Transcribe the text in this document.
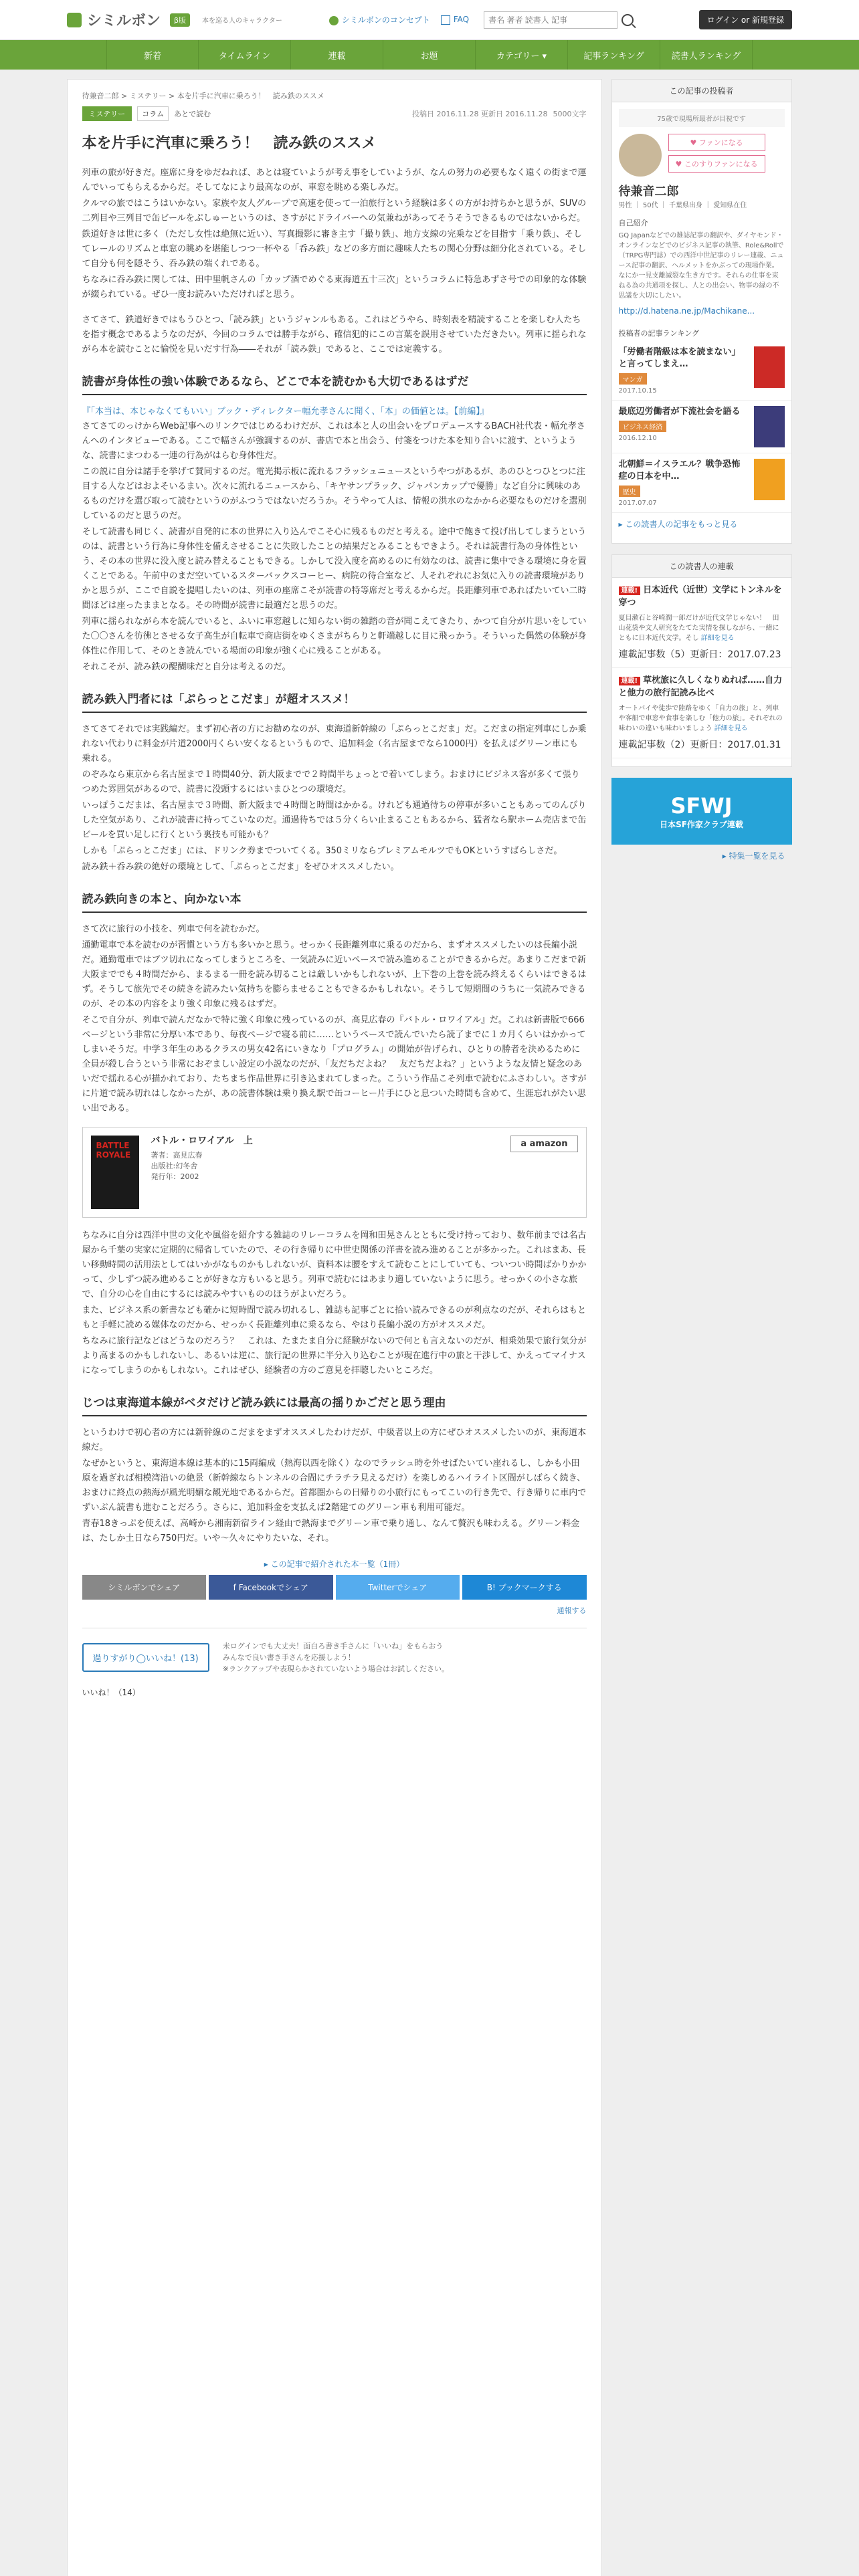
シミルボン	β版	本を巡る人のキャラクター	シミルボンのコンセプト	FAQ
書名 著者 読書人 記事	ログイン or 新規登録
新着	タイムライン	連載	お題	カテゴリー ▾	記事ランキング	読書人ランキング
待兼音二郎 > ミステリー > 本を片手に汽車に乗ろう！　読み鉄のススメ
ミステリー	コラム	あとで読む	投稿日 2016.11.28 更新日 2016.11.28 5000文字
本を片手に汽車に乗ろう！　読み鉄のススメ

列車の旅が好きだ。座席に身をゆだねれば、あとは寝ていようが考え事をしていようが、なんの努力の必要もなく遠くの街まで運んでいってもらえるからだ。そしてなにより最高なのが、車窓を眺める楽しみだ。

クルマの旅ではこうはいかない。家族や友人グループで高速を使って一泊旅行という経験は多くの方がお持ちかと思うが、SUVの二列目や三列目で缶ビールをぷしゅーというのは、さすがにドライバーへの気兼ねがあってそうそうできるものではないからだ。

鉄道好きは世に多く（ただし女性は絶無に近い）、写真撮影に審き主す「撮り鉄」、地方支線の完乗などを目指す「乗り鉄」、そしてレールのリズムと車窓の眺めを堪能しつつ一杯やる「呑み鉄」などの多方面に趣味人たちの関心分野は細分化されている。そして自分も何を隠そう、呑み鉄の端くれである。

ちなみに呑み鉄に関しては、田中里帆さんの「カップ酒でめぐる東海道五十三次」というコラムに特急あずさ号での印象的な体験が綴られている。ぜひ一度お読みいただければと思う。

さてさて、鉄道好きではもうひとつ、「読み鉄」というジャンルもある。これはどうやら、時刻表を精読することを楽しむ人たちを指す概念であるようなのだが、今回のコラムでは勝手ながら、確信犯的にこの言葉を誤用させていただきたい。列車に揺られながら本を読むことに愉悦を見いだす行為――それが「読み鉄」であると、ここでは定義する。

読書が身体性の強い体験であるなら、どこで本を読むかも大切であるはずだ
『「本当は、本じゃなくてもいい」ブック・ディレクター幅允孝さんに聞く、「本」の価値とは。【前編】』

さてさてのっけからWeb記事へのリンクではじめるわけだが、これは本と人の出会いをプロデュースするBACH社代表・幅允孝さんへのインタビューである。ここで幅さんが強調するのが、書店で本と出会う、付箋をつけた本を知り合いに渡す、というような、読書にまつわる一連の行為がはらむ身体性だ。

この説に自分は諸手を挙げて賛同するのだ。電光掲示板に流れるフラッシュニュースというやつがあるが、あのひとつひとつに注目する人などはおよそいるまい。次々に流れるニュースから、「キヤサンプラック、ジャパンカップで優勝」など自分に興味のあるものだけを選び取って読むというのがふつうではないだろうか。そうやって人は、情報の洪水のなかから必要なものだけを選別しているのだと思うのだ。

そして読書も同じく、読書が自発的に本の世界に入り込んでこそ心に残るものだと考える。途中で飽きて投げ出してしまうというのは、読書という行為に身体性を備えさせることに失敗したことの結果だとみることもできよう。それは読書行為の身体性という、その本の世界に没入度と読み替えることもできる。しかして没入度を高めるのに有効なのは、読書に集中できる環境に身を置くことである。午前中のまだ空いているスターバックスコーヒー、病院の待合室など、人それぞれにお気に入りの読書環境がありかと思うが、ここで自説を提唱したいのは、列車の座席こそが読書の特等席だと考えるからだ。長距離列車であればたいてい二時間ほどは座ったままとなる。その時間が読書に最適だと思うのだ。

列車に揺られながら本を読んでいると、ふいに車窓越しに知らない街の雑踏の音が聞こえてきたり、かつて自分が片思いをしていた〇〇さんを彷彿とさせる女子高生が自転車で商店街をゆくさまがちらりと軒端越しに目に飛っかう。そういった偶然の体験が身体性に作用して、そのとき読んでいる場面の印象が強く心に残ることがある。

それこそが、読み鉄の醍醐味だと自分は考えるのだ。

読み鉄入門者には「ぷらっとこだま」が超オススメ！

さてさてそれでは実践編だ。まず初心者の方にお勧めなのが、東海道新幹線の「ぷらっとこだま」だ。こだまの指定列車にしか乗れない代わりに料金が片道2000円くらい安くなるというもので、追加料金（名古屋までなら1000円）を払えばグリーン車にも乗れる。

のぞみなら東京から名古屋まで１時間40分、新大阪までで２時間半ちょっとで着いてしまう。おまけにビジネス客が多くて張りつめた雰囲気があるので、読書に没頭するにはいまひとつの環境だ。

いっぽうこだまは、名古屋まで３時間、新大阪まで４時間と時間はかかる。けれども通過待ちの停車が多いこともあってのんびりした空気があり、これが読書に持ってこいなのだ。通過待ちでは５分くらい止まることもあるから、猛者なら駅ホーム売店まで缶ビールを買い足しに行くという裏技も可能かも？

しかも「ぷらっとこだま」には、ドリンク券までついてくる。350ミリならプレミアムモルツでもOKというすばらしさだ。

読み鉄＋呑み鉄の絶好の環境として、「ぷらっとこだま」をぜひオススメしたい。

読み鉄向きの本と、向かない本

さて次に旅行の小技を、列車で何を読むかだ。

通勤電車で本を読むのが習慣という方も多いかと思う。せっかく長距離列車に乗るのだから、まずオススメしたいのは長編小説だ。通勤電車ではブツ切れになってしまうところを、一気読みに近いペースで読み進めることができるからだ。あまりこだまで新大阪まででも４時間だから、まるまる一冊を読み切ることは厳しいかもしれないが、上下巻の上巻を読み終えるくらいはできるはず。そうして旅先でその続きを読みたい気持ちを膨らませることもできるかもしれない。そうして短期間のうちに一気読みできるのが、その本の内容をより強く印象に残るはずだ。

そこで自分が、列車で読んだなかで特に強く印象に残っているのが、高見広春の『バトル・ロワイアル』だ。これは新書版で666ページという非常に分厚い本であり、毎夜ページで寝る前に……というペースで読んでいたら読了までに１カ月くらいはかかってしまいそうだ。中学３年生のあるクラスの男女42名にいきなり「プログラム」の開始が告げられ、ひとりの勝者を決めるために全員が殺し合うという非常におぞましい設定の小説なのだが、「友だちだよね？　友だちだよね？」というような友情と疑念のあいだで揺れる心が描かれており、たちまち作品世界に引き込まれてしまった。こういう作品こそ列車で読むにふさわしい。さすがに片道で読み切れはしなかったが、あの読書体験は乗り換え駅で缶コーヒー片手にひと息ついた時間も含めて、生涯忘れがたい思い出である。

BATTLE ROYALE
バトル・ロワイアル　上
著者：高見広春
出版社:幻冬舎
発行年：2002
a amazon

ちなみに自分は西洋中世の文化や風俗を紹介する雑誌のリレーコラムを岡和田晃さんとともに受け持っており、数年前までは名古屋から千葉の実家に定期的に帰省していたので、その行き帰りに中世史関係の洋書を読み進めることが多かった。これはまあ、長い移動時間の活用法としてはいかがなものかもしれないが、資料本は腰をすえて読むことにしていても、ついつい時間ばかりかかって、少しずつ読み進めることが好きな方もいると思う。列車で読むにはあまり適していないように思う。せっかくの小さな旅で、自分の心を自由にするには読みやすいもののほうがよいだろう。

また、ビジネス系の新書なども確かに短時間で読み切れるし、雑誌も記事ごとに拾い読みできるのが利点なのだが、それらはもともと手軽に読める媒体なのだから、せっかく長距離列車に乗るなら、やはり長編小説の方がオススメだ。

ちなみに旅行記などはどうなのだろう？　これは、たまたま自分に経験がないので何とも言えないのだが、相乗効果で旅行気分がより高まるのかもしれないし、あるいは逆に、旅行記の世界に半分入り込むことが現在進行中の旅と干渉して、かえってマイナスになってしまうのかもしれない。これはぜひ、経験者の方のご意見を拝聴したいところだ。

じつは東海道本線がベタだけど読み鉄には最高の揺りかごだと思う理由

というわけで初心者の方には新幹線のこだまをまずオススメしたわけだが、中級者以上の方にぜひオススメしたいのが、東海道本線だ。

なぜかというと、東海道本線は基本的に15両編成（熱海以西を除く）なのでラッシュ時を外せばたいてい座れるし、しかも小田原を過ぎれば相模湾沿いの絶景（新幹線ならトンネルの合間にチラチラ見えるだけ）を楽しめるハイライト区間がしばらく続き、おまけに終点の熱海が風光明媚な観光地であるからだ。首都圏からの日帰りの小旅行にもってこいの行き先で、行き帰りに車内でずいぶん読書も進むことだろう。さらに、追加料金を支払えば2階建てのグリーン車も利用可能だ。

青春18きっぷを使えば、高崎から湘南新宿ライン経由で熱海までグリーン車で乗り通し、なんて贅沢も味わえる。グリーン料金は、たしか土日なら750円だ。いや～久々にやりたいな、それ。

▸ この記事で紹介された本一覧（1冊）
シミルボンでシェア	f Facebookでシェア	Twitterでシェア	B! ブックマークする
通報する
過りすがり◯いいね！(13)
未ログインでも大丈夫！面白ろ書き手さんに「いいね」をもらおう
みんなで良い書き手さんを応援しよう！
※ランクアップや表現らかされていないよう場合はお試しください。
いいね！（14）
この記事の投稿者
75歳で現場所最者が目視です
♥ ファンになる
♥ このすりファンになる
待兼音二郎
男性 ｜ 50代 ｜ 千葉県出身 ｜ 愛知県在住
自己紹介
GQ Japanなどでの雑誌記事の翻訳や、ダイヤモンド・オンラインなどでのビジネス記事の執筆、Role&Rollで（TRPG専門誌）での西洋中世記事のリレー連載、ニュース記事の翻訳、ヘルメットをかぶっての現場作業。なにか一見支離滅裂な生き方です。それらの仕事を束ねる為の共通項を探し、人との出会い、物事の縁の不思議を大切にしたい。
http://d.hatena.ne.jp/Machikane...
投稿者の記事ランキング
「労働者階級は本を読まない」と言ってしまえ…
マンガ
2017.10.15
最底辺労働者が下流社会を語る
ビジネス経済
2016.12.10
北朝鮮＝イスラエル？戦争恐怖症の日本を中…
歴史
2017.07.07
▸ この読書人の記事をもっと見る
この読書人の連載
連載! 日本近代（近世）文学にトンネルを穿つ
夏目漱石と谷崎潤一郎だけが近代文学じゃない！　田山花袋や文人研究をたてた実情を探しながら、一緒にともに日本近代文学。そし 詳細を見る
連載記事数（5）更新日：2017.07.23
連載! 草枕旅に久しくなりぬれば……自力と他力の旅行記読み比べ
オートバイや徒歩で陸路をゆく「自力の旅」と、列車や客船で車窓や食事を楽しむ「他力の旅」。それぞれの味わいの違いも味わいましょう 詳細を見る
連載記事数（2）更新日：2017.01.31
SFWJ
日本SF作家クラブ連載
▸ 特集一覧を見る
